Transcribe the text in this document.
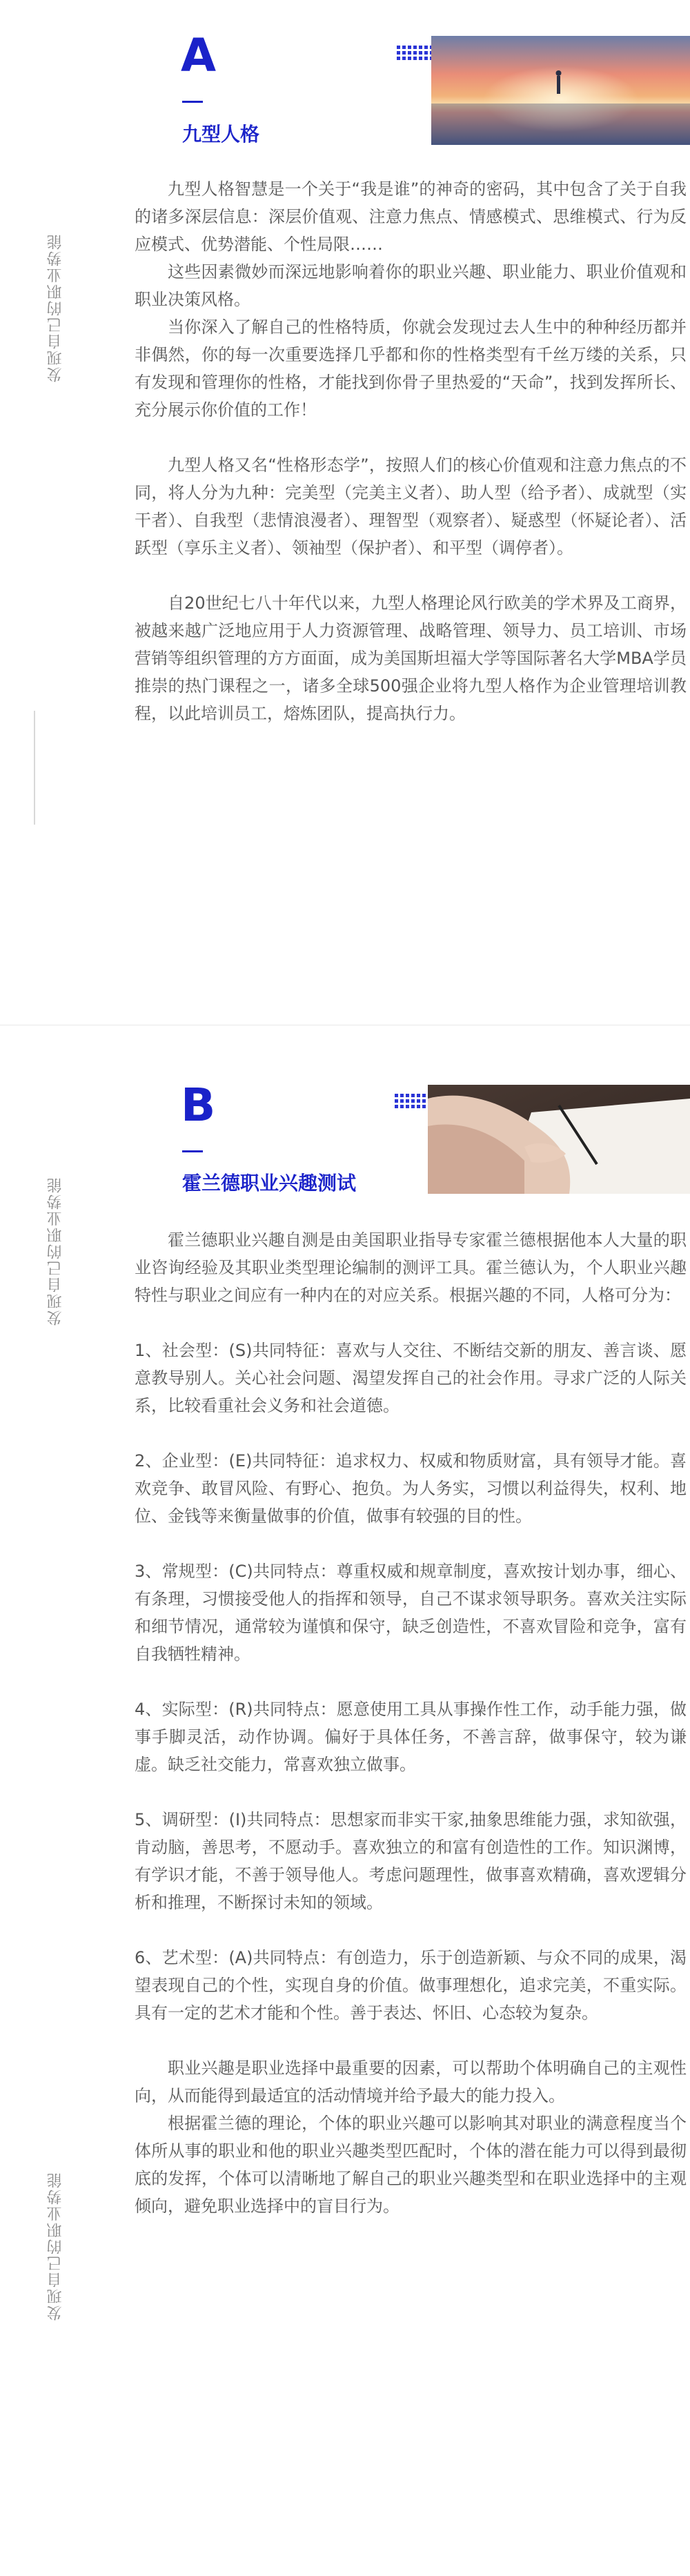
发现自己的职业势能
A
九型人格

九型人格智慧是一个关于“我是谁”的神奇的密码，其中包含了关于自我的诸多深层信息：深层价值观、注意力焦点、情感模式、思维模式、行为反应模式、优势潜能、个性局限……

这些因素微妙而深远地影响着你的职业兴趣、职业能力、职业价值观和职业决策风格。

当你深入了解自己的性格特质，你就会发现过去人生中的种种经历都并非偶然，你的每一次重要选择几乎都和你的性格类型有千丝万缕的关系，只有发现和管理你的性格，才能找到你骨子里热爱的“天命”，找到发挥所长、充分展示你价值的工作！

九型人格又名“性格形态学”，按照人们的核心价值观和注意力焦点的不同，将人分为九种：完美型（完美主义者）、助人型（给予者）、成就型（实干者）、自我型（悲情浪漫者）、理智型（观察者）、疑惑型（怀疑论者）、活跃型（享乐主义者）、领袖型（保护者）、和平型（调停者）。

自20世纪七八十年代以来，九型人格理论风行欧美的学术界及工商界，被越来越广泛地应用于人力资源管理、战略管理、领导力、员工培训、市场营销等组织管理的方方面面，成为美国斯坦福大学等国际著名大学MBA学员推崇的热门课程之一，诸多全球500强企业将九型人格作为企业管理培训教程，以此培训员工，熔炼团队，提高执行力。

发现自己的职业势能
发现自己的职业势能
B
霍兰德职业兴趣测试

霍兰德职业兴趣自测是由美国职业指导专家霍兰德根据他本人大量的职业咨询经验及其职业类型理论编制的测评工具。霍兰德认为，个人职业兴趣特性与职业之间应有一种内在的对应关系。根据兴趣的不同，人格可分为：

1、社会型：(S)共同特征：喜欢与人交往、不断结交新的朋友、善言谈、愿意教导别人。关心社会问题、渴望发挥自己的社会作用。寻求广泛的人际关系，比较看重社会义务和社会道德。

2、企业型：(E)共同特征：追求权力、权威和物质财富，具有领导才能。喜欢竞争、敢冒风险、有野心、抱负。为人务实，习惯以利益得失，权利、地位、金钱等来衡量做事的价值，做事有较强的目的性。

3、常规型：(C)共同特点：尊重权威和规章制度，喜欢按计划办事，细心、有条理，习惯接受他人的指挥和领导，自己不谋求领导职务。喜欢关注实际和细节情况，通常较为谨慎和保守，缺乏创造性，不喜欢冒险和竞争，富有自我牺牲精神。

4、实际型：(R)共同特点：愿意使用工具从事操作性工作，动手能力强，做事手脚灵活，动作协调。偏好于具体任务，不善言辞，做事保守，较为谦虚。缺乏社交能力，常喜欢独立做事。

5、调研型：(I)共同特点：思想家而非实干家,抽象思维能力强，求知欲强，肯动脑，善思考，不愿动手。喜欢独立的和富有创造性的工作。知识渊博，有学识才能，不善于领导他人。考虑问题理性，做事喜欢精确，喜欢逻辑分析和推理，不断探讨未知的领域。

6、艺术型：(A)共同特点：有创造力，乐于创造新颖、与众不同的成果，渴望表现自己的个性，实现自身的价值。做事理想化，追求完美，不重实际。具有一定的艺术才能和个性。善于表达、怀旧、心态较为复杂。

职业兴趣是职业选择中最重要的因素，可以帮助个体明确自己的主观性向，从而能得到最适宜的活动情境并给予最大的能力投入。

根据霍兰德的理论，个体的职业兴趣可以影响其对职业的满意程度当个体所从事的职业和他的职业兴趣类型匹配时，个体的潜在能力可以得到最彻底的发挥，个体可以清晰地了解自己的职业兴趣类型和在职业选择中的主观倾向，避免职业选择中的盲目行为。
